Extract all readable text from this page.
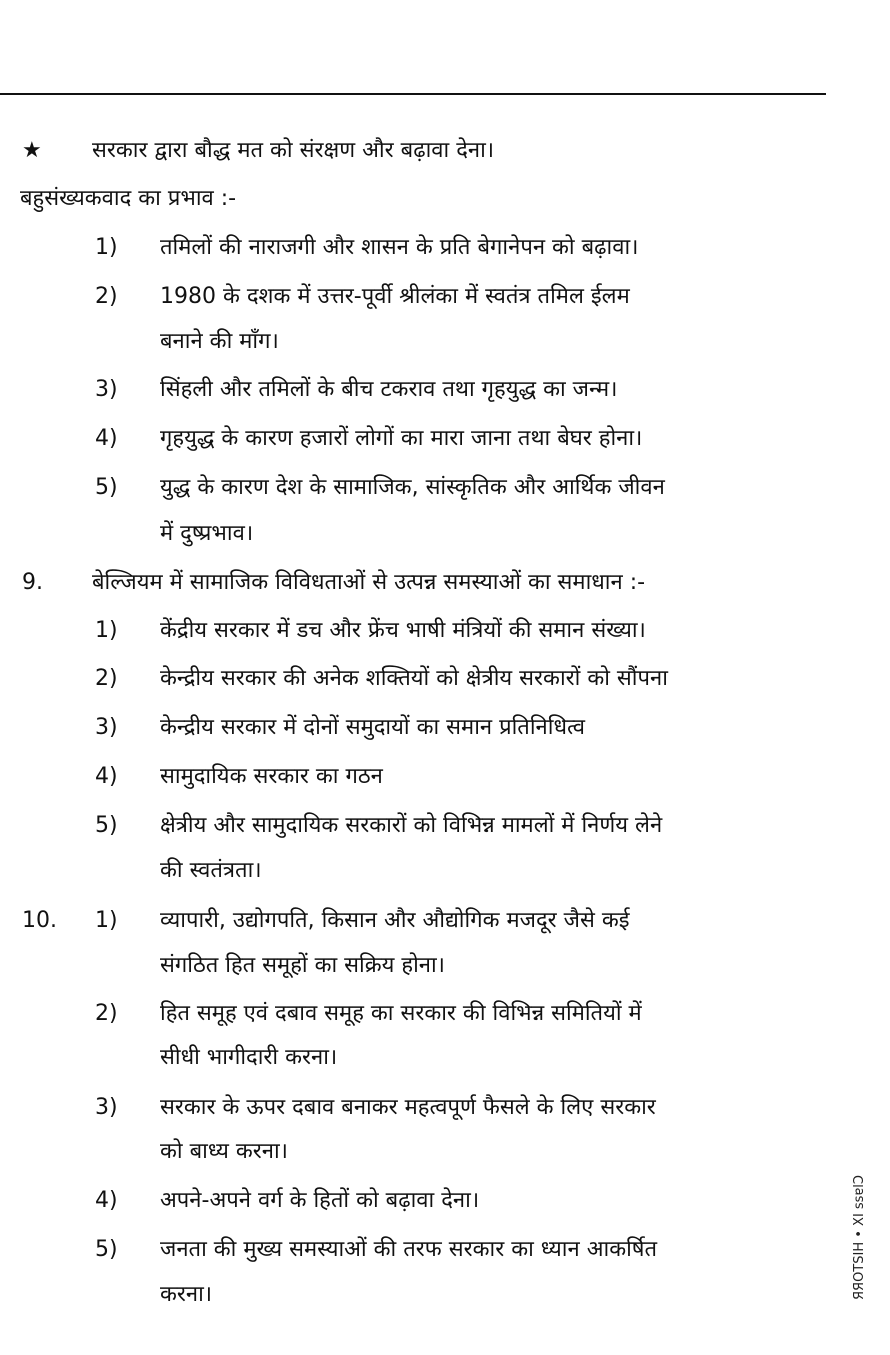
★ सरकार द्वारा बौद्ध मत को संरक्षण और बढ़ावा देना।
बहुसंख्यकवाद का प्रभाव :-
1) तमिलों की नाराजगी और शासन के प्रति बेगानेपन को बढ़ावा।
2) 1980 के दशक में उत्तर-पूर्वी श्रीलंका में स्वतंत्र तमिल ईलम
बनाने की माँग।
3) सिंहली और तमिलों के बीच टकराव तथा गृहयुद्ध का जन्म।
4) गृहयुद्ध के कारण हजारों लोगों का मारा जाना तथा बेघर होना।
5) युद्ध के कारण देश के सामाजिक, सांस्कृतिक और आर्थिक जीवन
में दुष्प्रभाव।
9. बेल्जियम में सामाजिक विविधताओं से उत्पन्न समस्याओं का समाधान :-
1) केंद्रीय सरकार में डच और फ्रेंच भाषी मंत्रियों की समान संख्या।
2) केन्द्रीय सरकार की अनेक शक्तियों को क्षेत्रीय सरकारों को सौंपना
3) केन्द्रीय सरकार में दोनों समुदायों का समान प्रतिनिधित्व
4) सामुदायिक सरकार का गठन
5) क्षेत्रीय और सामुदायिक सरकारों को विभिन्न मामलों में निर्णय लेने
की स्वतंत्रता।
10. 1) व्यापारी, उद्योगपति, किसान और औद्योगिक मजदूर जैसे कई
संगठित हित समूहों का सक्रिय होना।
2) हित समूह एवं दबाव समूह का सरकार की विभिन्न समितियों में
सीधी भागीदारी करना।
3) सरकार के ऊपर दबाव बनाकर महत्वपूर्ण फैसले के लिए सरकार
को बाध्य करना।
4) अपने-अपने वर्ग के हितों को बढ़ावा देना।
5) जनता की मुख्य समस्याओं की तरफ सरकार का ध्यान आकर्षित
करना।	ЯЯОТЅІН • ХІ ѕѕɐlƆ
